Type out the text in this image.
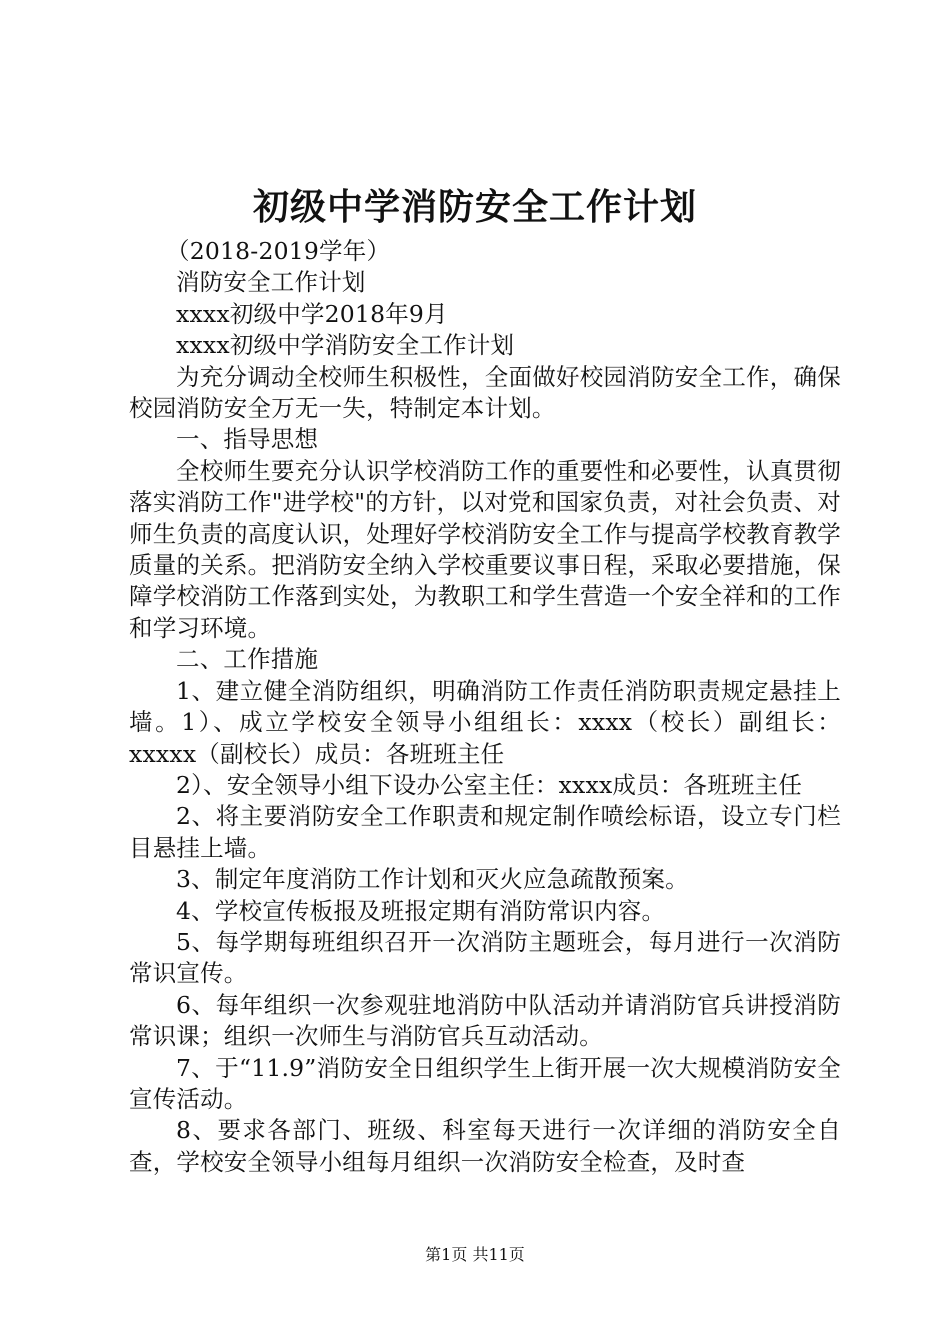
初级中学消防安全工作计划

（2018-2019学年）

消防安全工作计划

xxxx初级中学2018年9月

xxxx初级中学消防安全工作计划

为充分调动全校师生积极性，全面做好校园消防安全工作，确保校园消防安全万无一失，特制定本计划。

一、指导思想

全校师生要充分认识学校消防工作的重要性和必要性，认真贯彻落实消防工作"进学校"的方针，以对党和国家负责，对社会负责、对师生负责的高度认识，处理好学校消防安全工作与提高学校教育教学质量的关系。把消防安全纳入学校重要议事日程，采取必要措施，保障学校消防工作落到实处，为教职工和学生营造一个安全祥和的工作和学习环境。

二、工作措施

1、建立健全消防组织，明确消防工作责任消防职责规定悬挂上墙。1）、成立学校安全领导小组组长：xxxx（校长）副组长：xxxxx（副校长）成员：各班班主任

2）、安全领导小组下设办公室主任：xxxx成员：各班班主任

2、将主要消防安全工作职责和规定制作喷绘标语，设立专门栏目悬挂上墙。

3、制定年度消防工作计划和灭火应急疏散预案。

4、学校宣传板报及班报定期有消防常识内容。

5、每学期每班组织召开一次消防主题班会，每月进行一次消防常识宣传。

6、每年组织一次参观驻地消防中队活动并请消防官兵讲授消防常识课；组织一次师生与消防官兵互动活动。

7、于“11.9”消防安全日组织学生上街开展一次大规模消防安全宣传活动。

8、要求各部门、班级、科室每天进行一次详细的消防安全自查，学校安全领导小组每月组织一次消防安全检查，及时查

第1页 共11页
